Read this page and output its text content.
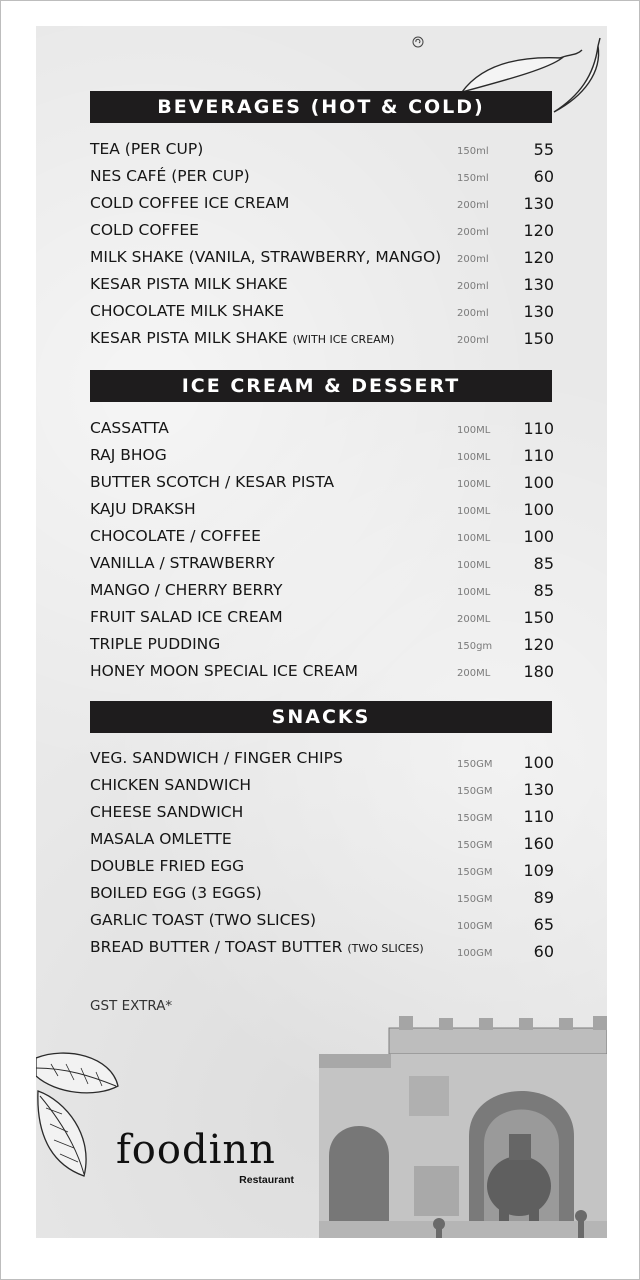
BEVERAGES (HOT & COLD)
TEA (PER CUP)	150ml	55
NES CAFÉ (PER CUP)	150ml	60
COLD COFFEE ICE CREAM	200ml 130
COLD COFFEE	200ml 120
MILK SHAKE (VANILA, STRAWBERRY, MANGO) 200ml 120
KESAR PISTA MILK SHAKE	200ml 130
CHOCOLATE MILK SHAKE	200ml 130
KESAR PISTA MILK SHAKE (WITH ICE CREAM)	200ml 150
ICE CREAM & DESSERT
CASSATTA	100ML 110
RAJ BHOG	100ML 110
BUTTER SCOTCH / KESAR PISTA	100ML 100
KAJU DRAKSH	100ML 100
CHOCOLATE / COFFEE	100ML 100
VANILLA / STRAWBERRY	100ML	85
MANGO / CHERRY BERRY	100ML	85
FRUIT SALAD ICE CREAM	200ML 150
TRIPLE PUDDING	150gm 120
HONEY MOON SPECIAL ICE CREAM	200ML 180
SNACKS
VEG. SANDWICH / FINGER CHIPS	150GM 100
CHICKEN SANDWICH	150GM 130
CHEESE SANDWICH	150GM 110
MASALA OMLETTE	150GM 160
DOUBLE FRIED EGG	150GM 109
BOILED EGG (3 EGGS)	150GM	89
GARLIC TOAST (TWO SLICES)	100GM	65
BREAD BUTTER / TOAST BUTTER (TWO SLICES)	100GM	60
GST EXTRA*
foodinn
Restaurant
